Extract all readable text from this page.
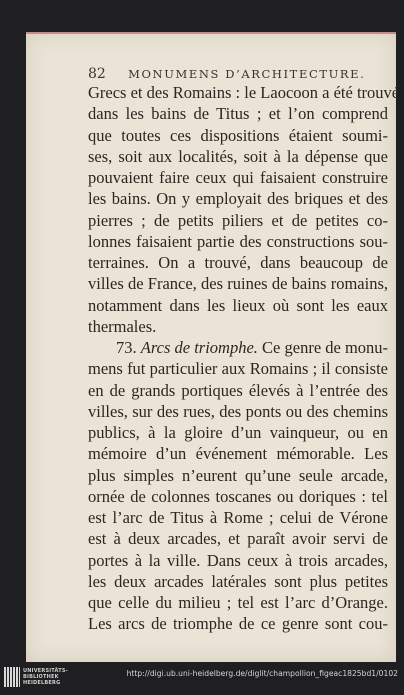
82 MONUMENS D’ARCHITECTURE.
Grecs et des Romains : le Laocoon a été trouvé
dans les bains de Titus ; et l’on comprend
que toutes ces dispositions étaient soumi-
ses, soit aux localités, soit à la dépense que
pouvaient faire ceux qui faisaient construire
les bains. On y employait des briques et des
pierres ; de petits piliers et de petites co-
lonnes faisaient partie des constructions sou-
terraines. On a trouvé, dans beaucoup de
villes de France, des ruines de bains romains,
notamment dans les lieux où sont les eaux
thermales.
73. Arcs de triomphe. Ce genre de monu-
mens fut particulier aux Romains ; il consiste
en de grands portiques élevés à l’entrée des
villes, sur des rues, des ponts ou des chemins
publics, à la gloire d’un vainqueur, ou en
mémoire d’un événement mémorable. Les
plus simples n’eurent qu’une seule arcade,
ornée de colonnes toscanes ou doriques : tel
est l’arc de Titus à Rome ; celui de Vérone
est à deux arcades, et paraît avoir servi de
portes à la ville. Dans ceux à trois arcades,
les deux arcades latérales sont plus petites
que celle du milieu ; tel est l’arc d’Orange.
Les arcs de triomphe de ce genre sont cou-
UNIVERSITÄTS-
BIBLIOTHEK
HEIDELBERG
http://digi.ub.uni-heidelberg.de/diglit/champollion_figeac1825bd1/0102
